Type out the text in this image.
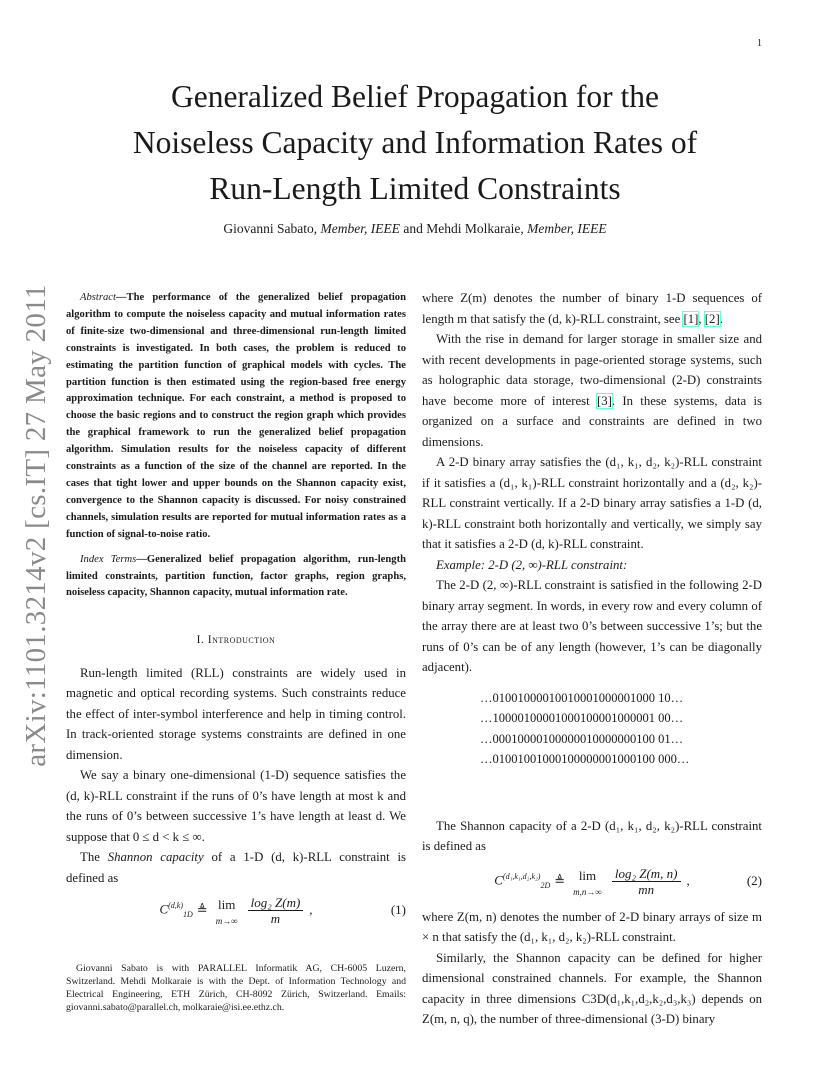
1
arXiv:1101.3214v2 [cs.IT] 27 May 2011
Generalized Belief Propagation for the
Noiseless Capacity and Information Rates of
Run-Length Limited Constraints
Giovanni Sabato, Member, IEEE and Mehdi Molkaraie, Member, IEEE

Abstract—The performance of the generalized belief propagation algorithm to compute the noiseless capacity and mutual information rates of finite-size two-dimensional and three-dimensional run-length limited constraints is investigated. In both cases, the problem is reduced to estimating the partition function of graphical models with cycles. The partition function is then estimated using the region-based free energy approximation technique. For each constraint, a method is proposed to choose the basic regions and to construct the region graph which provides the graphical framework to run the generalized belief propagation algorithm. Simulation results for the noiseless capacity of different constraints as a function of the size of the channel are reported. In the cases that tight lower and upper bounds on the Shannon capacity exist, convergence to the Shannon capacity is discussed. For noisy constrained channels, simulation results are reported for mutual information rates as a function of signal-to-noise ratio.

Index Terms—Generalized belief propagation algorithm, run-length limited constraints, partition function, factor graphs, region graphs, noiseless capacity, Shannon capacity, mutual information rate.

I. Introduction

Run-length limited (RLL) constraints are widely used in magnetic and optical recording systems. Such constraints reduce the effect of inter-symbol interference and help in timing control. In track-oriented storage systems constraints are defined in one dimension.

We say a binary one-dimensional (1-D) sequence satisfies the (d, k)-RLL constraint if the runs of 0’s have length at most k and the runs of 0’s between successive 1’s have length at least d. We suppose that 0 ≤ d < k ≤ ∞.

The Shannon capacity of a 1-D (d, k)-RLL constraint is defined as

C$^{(d,k)}_{1D}$ ≜ lim
$m\to\infty \frac{\text{log₂ Z(m)}}{m}$ ,	(1)
Giovanni Sabato is with PARALLEL Informatik AG, CH-6005 Luzern, Switzerland. Mehdi Molkaraie is with the Dept. of Information Technology and Electrical Engineering, ETH Zürich, CH-8092 Zürich, Switzerland. Emails: giovanni.sabato@parallel.ch, molkaraie@isi.ee.ethz.ch.

where Z(m) denotes the number of binary 1-D sequences of length m that satisfy the (d, k)-RLL constraint, see [1], [2].

With the rise in demand for larger storage in smaller size and with recent developments in page-oriented storage systems, such as holographic data storage, two-dimensional (2-D) constraints have become more of interest [3]. In these systems, data is organized on a surface and constraints are defined in two dimensions.

A 2-D binary array satisfies the (d₁, k₁, d₂, k₂)-RLL constraint if it satisfies a (d₁, k₁)-RLL constraint horizontally and a (d₂, k₂)-RLL constraint vertically. If a 2-D binary array satisfies a 1-D (d, k)-RLL constraint both horizontally and vertically, we simply say that it satisfies a 2-D (d, k)-RLL constraint.

Example: 2-D (2, ∞)-RLL constraint:

The 2-D (2, ∞)-RLL constraint is satisfied in the following 2-D binary array segment. In words, in every row and every column of the array there are at least two 0’s between successive 1’s; but the runs of 0’s can be of any length (however, 1’s can be diagonally adjacent).

…01001000010010001000001000 10…
…10000100001000100001000001 00…
…00010000100000010000000100 01…
…01001001000100000001000100 000…

The Shannon capacity of a 2-D (d₁, k₁, d₂, k₂)-RLL constraint is defined as

$C^{(d_1,k_1,d_2,k_2)}_{2D}$ ≜ lim
$m,n\to\infty \frac{\text{log₂ Z(m, n)}}{mn}$ ,	(2)

where Z(m, n) denotes the number of 2-D binary arrays of size m × n that satisfy the (d₁, k₁, d₂, k₂)-RLL constraint.

Similarly, the Shannon capacity can be defined for higher dimensional constrained channels. For example, the Shannon capacity in three dimensions C3D(d₁,k₁,d₂,k₂,d₃,k₃) depends on Z(m, n, q), the number of three-dimensional (3-D) binary
